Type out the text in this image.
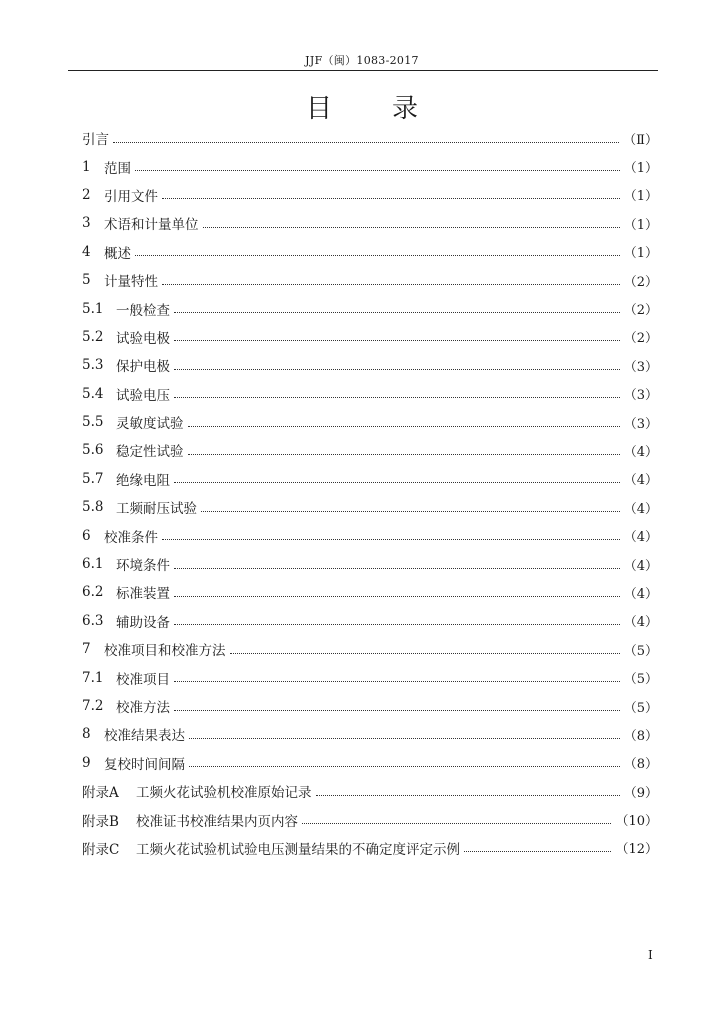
JJF（闽）1083-2017
目录
引言	（Ⅱ）
1 范围	（1）
2 引用文件	（1）
3 术语和计量单位	（1）
4 概述	（1）
5 计量特性	（2）
5.1 一般检查	（2）
5.2 试验电极	（2）
5.3 保护电极	（3）
5.4 试验电压	（3）
5.5 灵敏度试验	（3）
5.6 稳定性试验	（4）
5.7 绝缘电阻	（4）
5.8 工频耐压试验	（4）
6 校准条件	（4）
6.1 环境条件	（4）
6.2 标准装置	（4）
6.3 辅助设备	（4）
7 校准项目和校准方法	（5）
7.1 校准项目	（5）
7.2 校准方法	（5）
8 校准结果表达	（8）
9 复校时间间隔	（8）
附录A	工频火花试验机校准原始记录	（9）
附录B	校准证书校准结果内页内容	（10）
附录C	工频火花试验机试验电压测量结果的不确定度评定示例	（12）
I
